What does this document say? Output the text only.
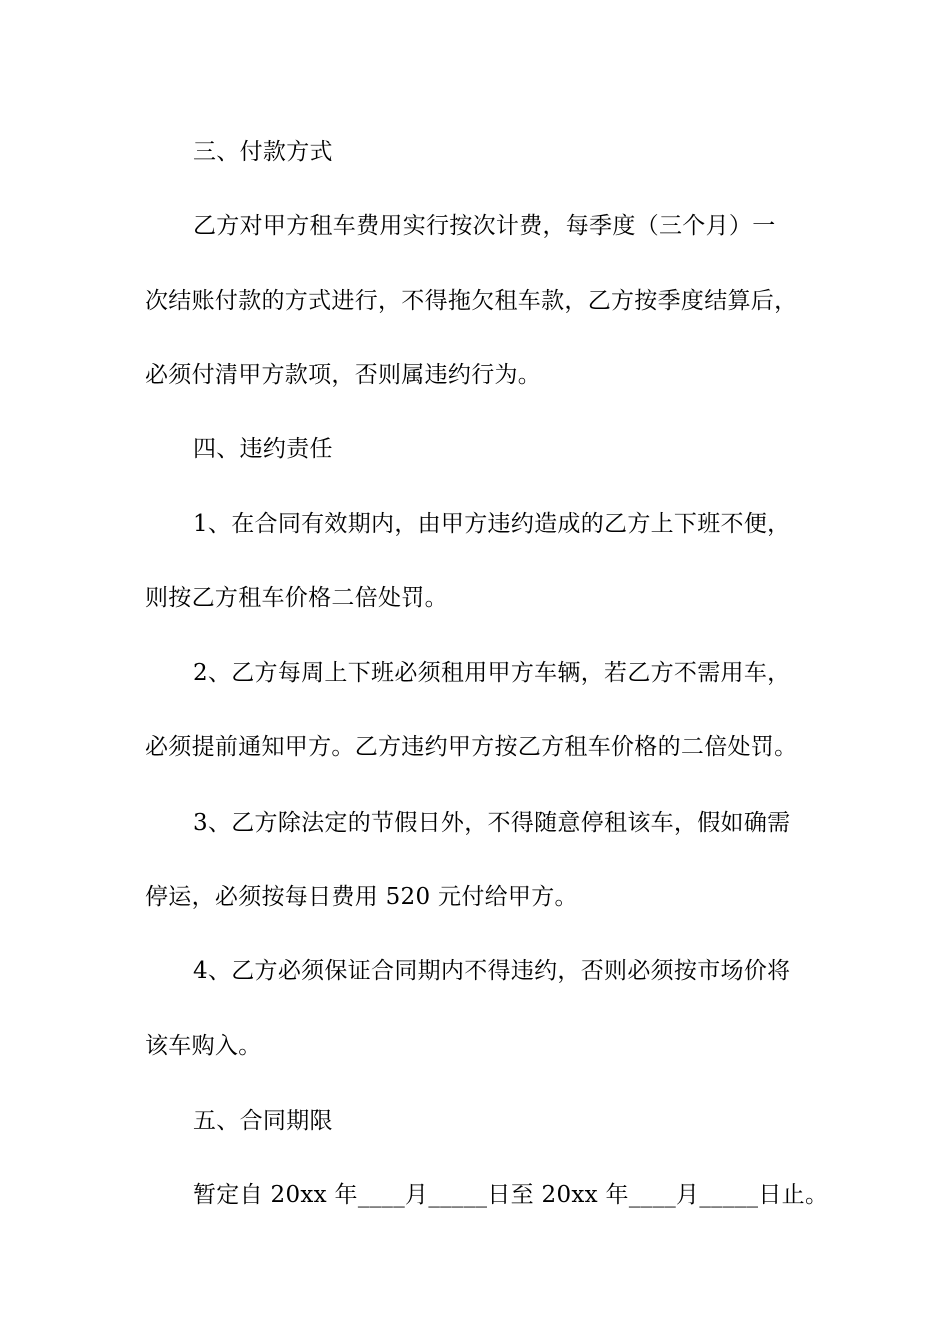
三、付款方式
乙方对甲方租车费用实行按次计费，每季度（三个月）一
次结账付款的方式进行，不得拖欠租车款，乙方按季度结算后，
必须付清甲方款项，否则属违约行为。
四、违约责任
1、在合同有效期内，由甲方违约造成的乙方上下班不便，
则按乙方租车价格二倍处罚。
2、乙方每周上下班必须租用甲方车辆，若乙方不需用车，
必须提前通知甲方。乙方违约甲方按乙方租车价格的二倍处罚。
3、乙方除法定的节假日外，不得随意停租该车，假如确需
停运，必须按每日费用 520 元付给甲方。
4、乙方必须保证合同期内不得违约，否则必须按市场价将
该车购入。
五、合同期限
暂定自 20xx 年____月_____日至 20xx 年____月_____日止。
